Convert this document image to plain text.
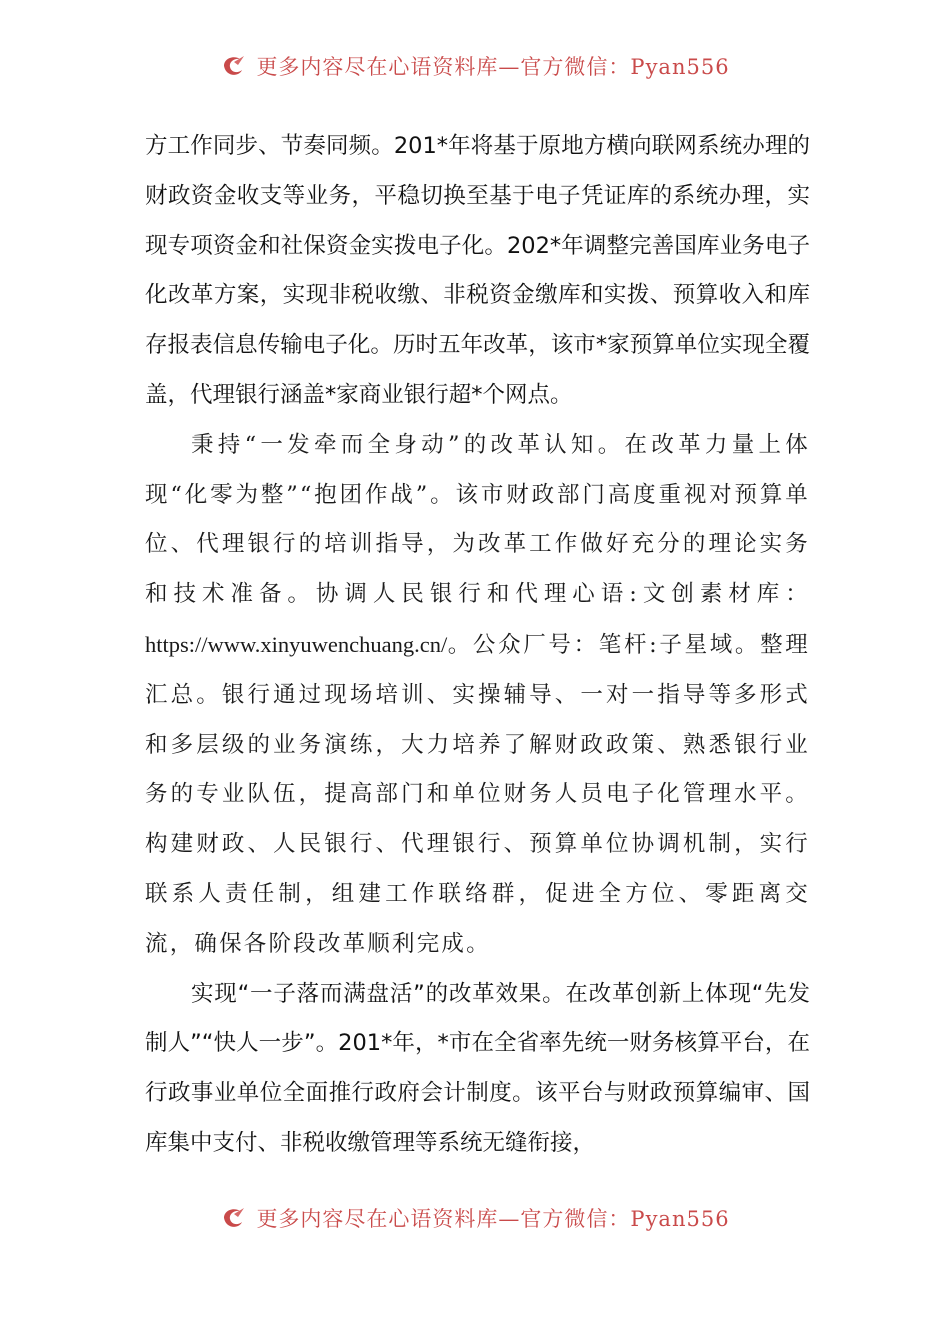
更多内容尽在心语资料库—官方微信：Pyan556

方工作同步、节奏同频。201*年将基于原地方横向联网系统办理的财政资金收支等业务，平稳切换至基于电子凭证库的系统办理，实现专项资金和社保资金实拨电子化。202*年调整完善国库业务电子化改革方案，实现非税收缴、非税资金缴库和实拨、预算收入和库存报表信息传输电子化。历时五年改革，该市*家预算单位实现全覆盖，代理银行涵盖*家商业银行超*个网点。

秉持“一发牵而全身动”的改革认知。在改革力量上体现“化零为整”“抱团作战”。该市财政部门高度重视对预算单位、代理银行的培训指导，为改革工作做好充分的理论实务和技术准备。协调人民银行和代理心语:文创素材库：https://www.xinyuwenchuang.cn/。公众厂号：笔杆:子星域。整理汇总。银行通过现场培训、实操辅导、一对一指导等多形式和多层级的业务演练，大力培养了解财政政策、熟悉银行业务的专业队伍，提高部门和单位财务人员电子化管理水平。构建财政、人民银行、代理银行、预算单位协调机制，实行联系人责任制，组建工作联络群，促进全方位、零距离交流，确保各阶段改革顺利完成。

实现“一子落而满盘活”的改革效果。在改革创新上体现“先发制人”“快人一步”。201*年，*市在全省率先统一财务核算平台，在行政事业单位全面推行政府会计制度。该平台与财政预算编审、国库集中支付、非税收缴管理等系统无缝衔接，

更多内容尽在心语资料库—官方微信：Pyan556
